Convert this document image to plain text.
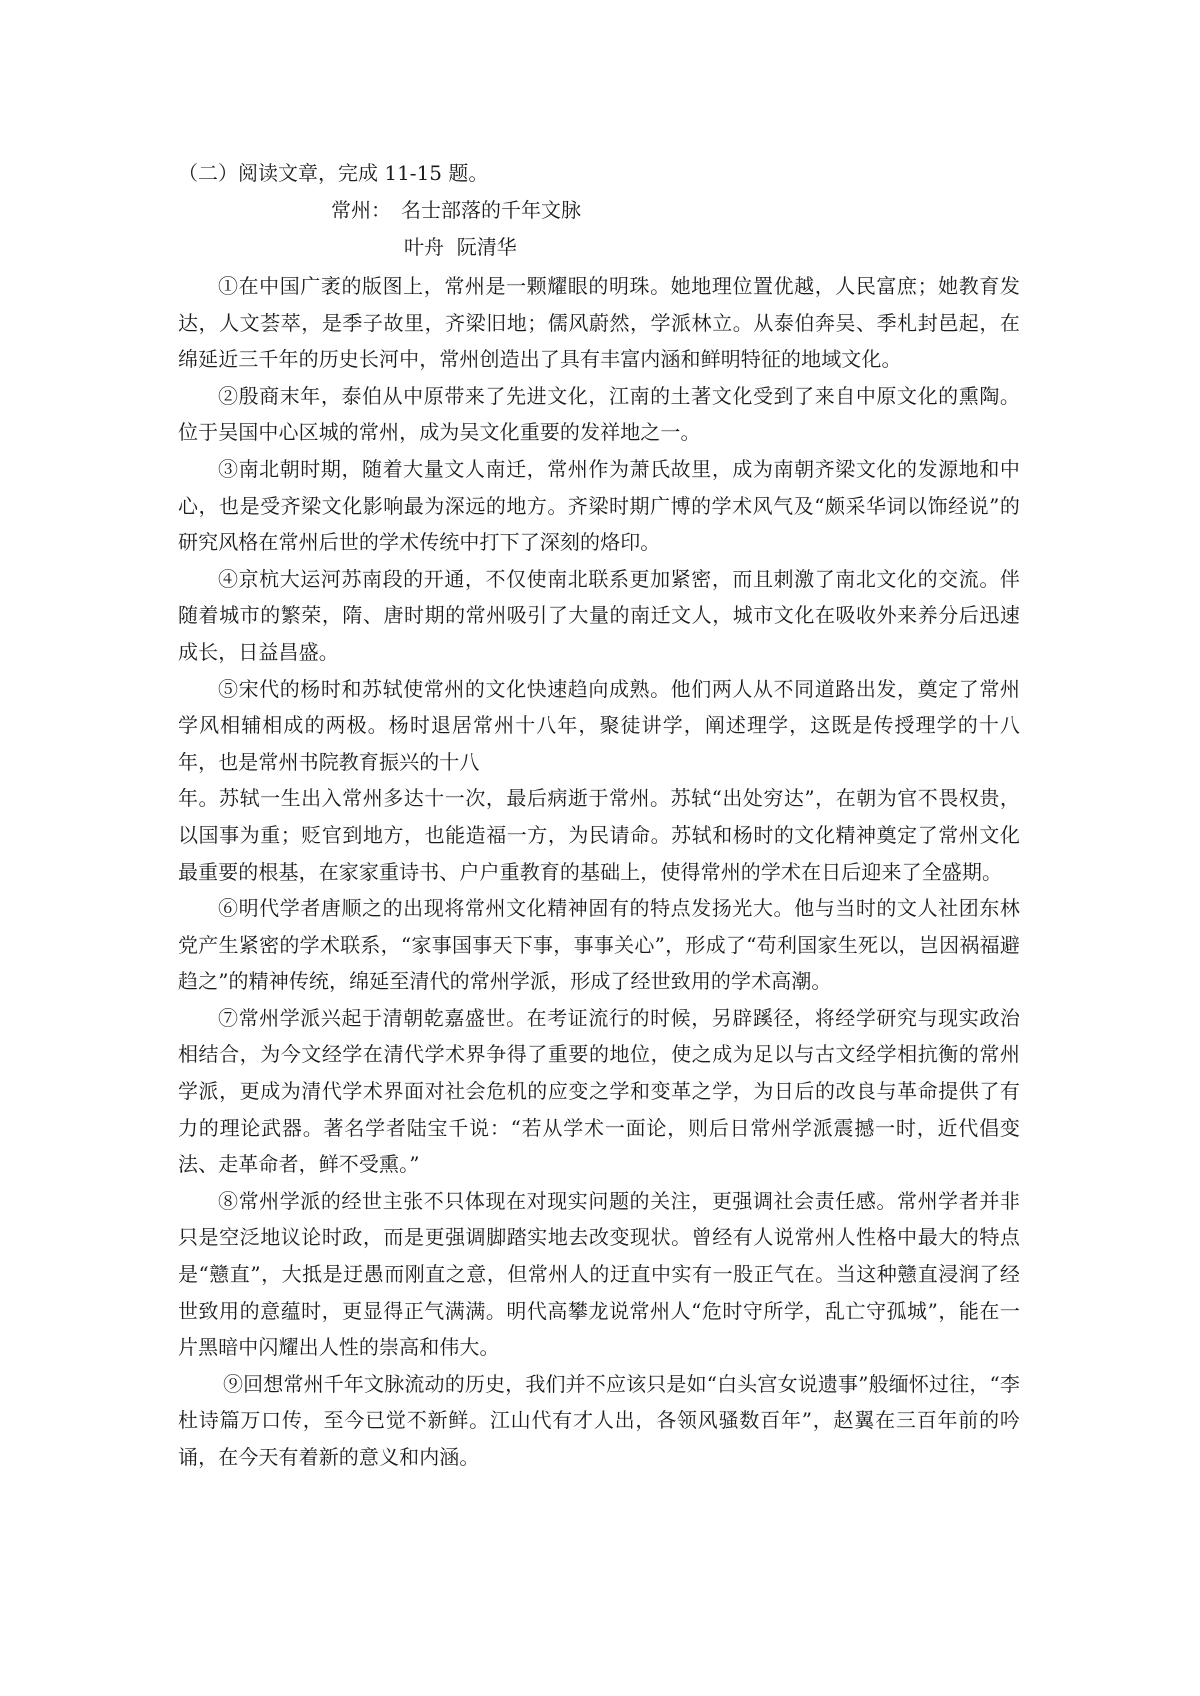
（二）阅读文章，完成 11-15 题。
常州：　名士部落的千年文脉
叶舟  阮清华

①在中国广袤的版图上，常州是一颗耀眼的明珠。她地理位置优越，人民富庶；她教育发达，人文荟萃，是季子故里，齐梁旧地；儒风蔚然，学派林立。从泰伯奔吴、季札封邑起，在绵延近三千年的历史长河中，常州创造出了具有丰富内涵和鲜明特征的地域文化。

②殷商末年，泰伯从中原带来了先进文化，江南的土著文化受到了来自中原文化的熏陶。位于吴国中心区城的常州，成为吴文化重要的发祥地之一。

③南北朝时期，随着大量文人南迁，常州作为萧氏故里，成为南朝齐梁文化的发源地和中心，也是受齐梁文化影响最为深远的地方。齐梁时期广博的学术风气及“颇采华词以饰经说”的研究风格在常州后世的学术传统中打下了深刻的烙印。

④京杭大运河苏南段的开通，不仅使南北联系更加紧密，而且刺激了南北文化的交流。伴随着城市的繁荣，隋、唐时期的常州吸引了大量的南迁文人，城市文化在吸收外来养分后迅速成长，日益昌盛。

⑤宋代的杨时和苏轼使常州的文化快速趋向成熟。他们两人从不同道路出发，奠定了常州学风相辅相成的两极。杨时退居常州十八年，聚徒讲学，阐述理学，这既是传授理学的十八年，也是常州书院教育振兴的十八

年。苏轼一生出入常州多达十一次，最后病逝于常州。苏轼“出处穷达”，在朝为官不畏权贵，以国事为重；贬官到地方，也能造福一方，为民请命。苏轼和杨时的文化精神奠定了常州文化最重要的根基，在家家重诗书、户户重教育的基础上，使得常州的学术在日后迎来了全盛期。

⑥明代学者唐顺之的出现将常州文化精神固有的特点发扬光大。他与当时的文人社团东林党产生紧密的学术联系，“家事国事天下事，事事关心”，形成了“苟利国家生死以，岂因祸福避趋之”的精神传统，绵延至清代的常州学派，形成了经世致用的学术高潮。

⑦常州学派兴起于清朝乾嘉盛世。在考证流行的时候，另辟蹊径，将经学研究与现实政治相结合，为今文经学在清代学术界争得了重要的地位，使之成为足以与古文经学相抗衡的常州学派，更成为清代学术界面对社会危机的应变之学和变革之学，为日后的改良与革命提供了有力的理论武器。著名学者陆宝千说：“若从学术一面论，则后日常州学派震撼一时，近代倡变法、走革命者，鲜不受熏。”

⑧常州学派的经世主张不只体现在对现实问题的关注，更强调社会责任感。常州学者并非只是空泛地议论时政，而是更强调脚踏实地去改变现状。曾经有人说常州人性格中最大的特点是“戆直”，大抵是迂愚而刚直之意，但常州人的迂直中实有一股正气在。当这种戆直浸润了经世致用的意蕴时，更显得正气满满。明代高攀龙说常州人“危时守所学，乱亡守孤城”，能在一片黑暗中闪耀出人性的崇高和伟大。

⑨回想常州千年文脉流动的历史，我们并不应该只是如“白头宫女说遗事”般缅怀过往，“李杜诗篇万口传，至今已觉不新鲜。江山代有才人出，各领风骚数百年”，赵翼在三百年前的吟诵，在今天有着新的意义和内涵。
